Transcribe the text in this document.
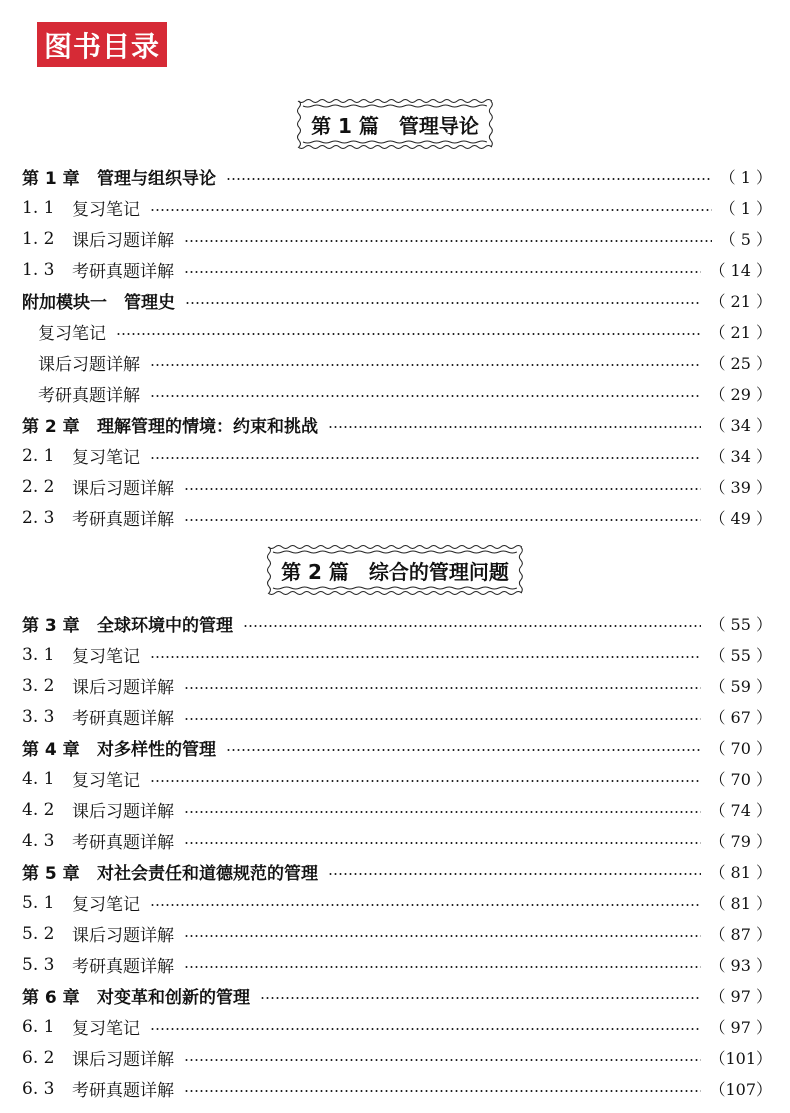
图书目录
第 1 篇　管理导论
第 2 篇　综合的管理问题
第 1 章	管理与组织导论	（ 1 ）
1. 1	复习笔记	（ 1 ）
1. 2	课后习题详解	（ 5 ）
1. 3	考研真题详解	（ 14 ）
附加模块一　管理史	（ 21 ）
复习笔记	（ 21 ）
课后习题详解	（ 25 ）
考研真题详解	（ 29 ）
第 2 章	理解管理的情境：约束和挑战	（ 34 ）
2. 1	复习笔记	（ 34 ）
2. 2	课后习题详解	（ 39 ）
2. 3	考研真题详解	（ 49 ）
第 3 章	全球环境中的管理	（ 55 ）
3. 1	复习笔记	（ 55 ）
3. 2	课后习题详解	（ 59 ）
3. 3	考研真题详解	（ 67 ）
第 4 章	对多样性的管理	（ 70 ）
4. 1	复习笔记	（ 70 ）
4. 2	课后习题详解	（ 74 ）
4. 3	考研真题详解	（ 79 ）
第 5 章	对社会责任和道德规范的管理	（ 81 ）
5. 1	复习笔记	（ 81 ）
5. 2	课后习题详解	（ 87 ）
5. 3	考研真题详解	（ 93 ）
第 6 章	对变革和创新的管理	（ 97 ）
6. 1	复习笔记	（ 97 ）
6. 2	课后习题详解	（101）
6. 3	考研真题详解	（107）
